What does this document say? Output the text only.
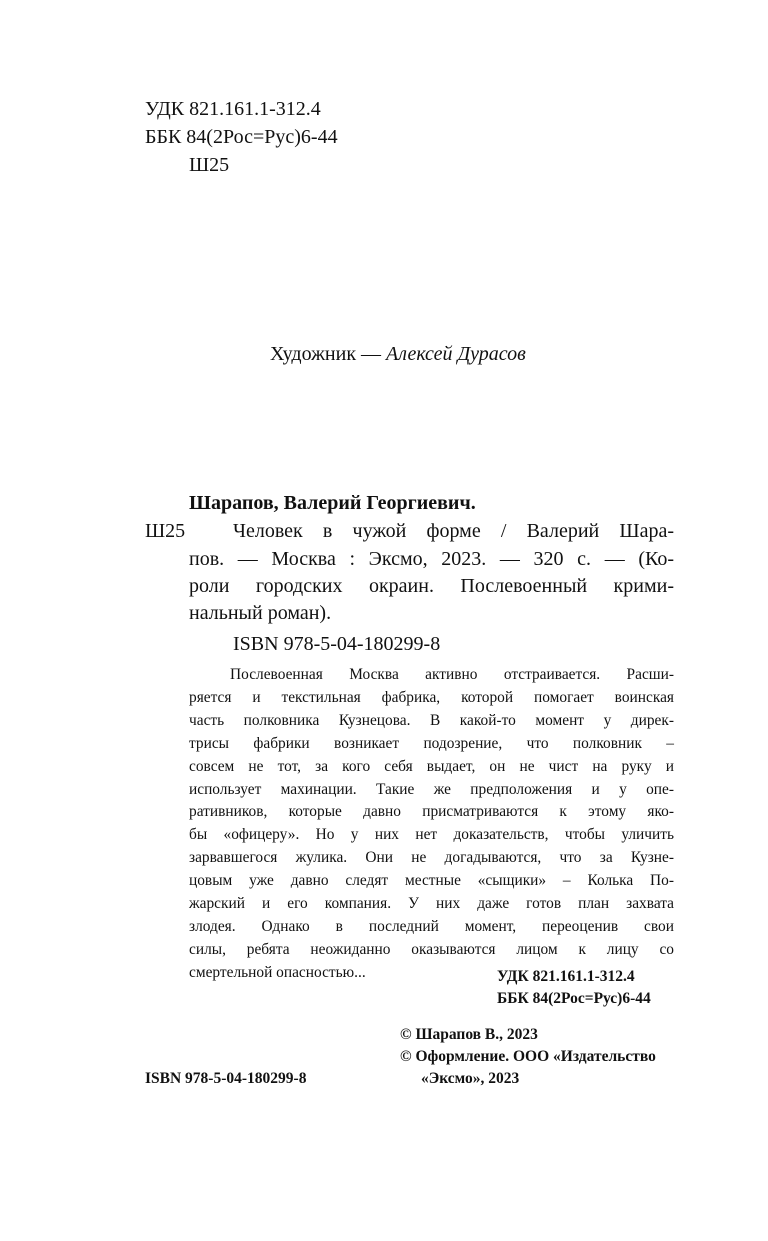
УДК 821.161.1-312.4
ББК 84(2Рос=Рус)6-44
Ш25
Художник — Алексей Дурасов
Шарапов, Валерий Георгиевич.
Ш25 Человек в чужой форме / Валерий Шара-
пов. — Москва : Эксмо, 2023. — 320 с. — (Ко-
роли городских окраин. Послевоенный крими-
нальный роман).
ISBN 978-5-04-180299-8
Послевоенная Москва активно отстраивается. Расши-
ряется и текстильная фабрика, которой помогает воинская
часть полковника Кузнецова. В какой-то момент у дирек-
трисы фабрики возникает подозрение, что полковник –
совсем не тот, за кого себя выдает, он не чист на руку и
использует махинации. Такие же предположения и у опе-
ративников, которые давно присматриваются к этому яко-
бы «офицеру». Но у них нет доказательств, чтобы уличить
зарвавшегося жулика. Они не догадываются, что за Кузне-
цовым уже давно следят местные «сыщики» – Колька По-
жарский и его компания. У них даже готов план захвата
злодея. Однако в последний момент, переоценив свои
силы, ребята неожиданно оказываются лицом к лицу со
смертельной опасностью...	УДК 821.161.1-312.4
ББК 84(2Рос=Рус)6-44
© Шарапов В., 2023
© Оформление. ООО «Издательство
«Эксмо», 2023
ISBN 978-5-04-180299-8
